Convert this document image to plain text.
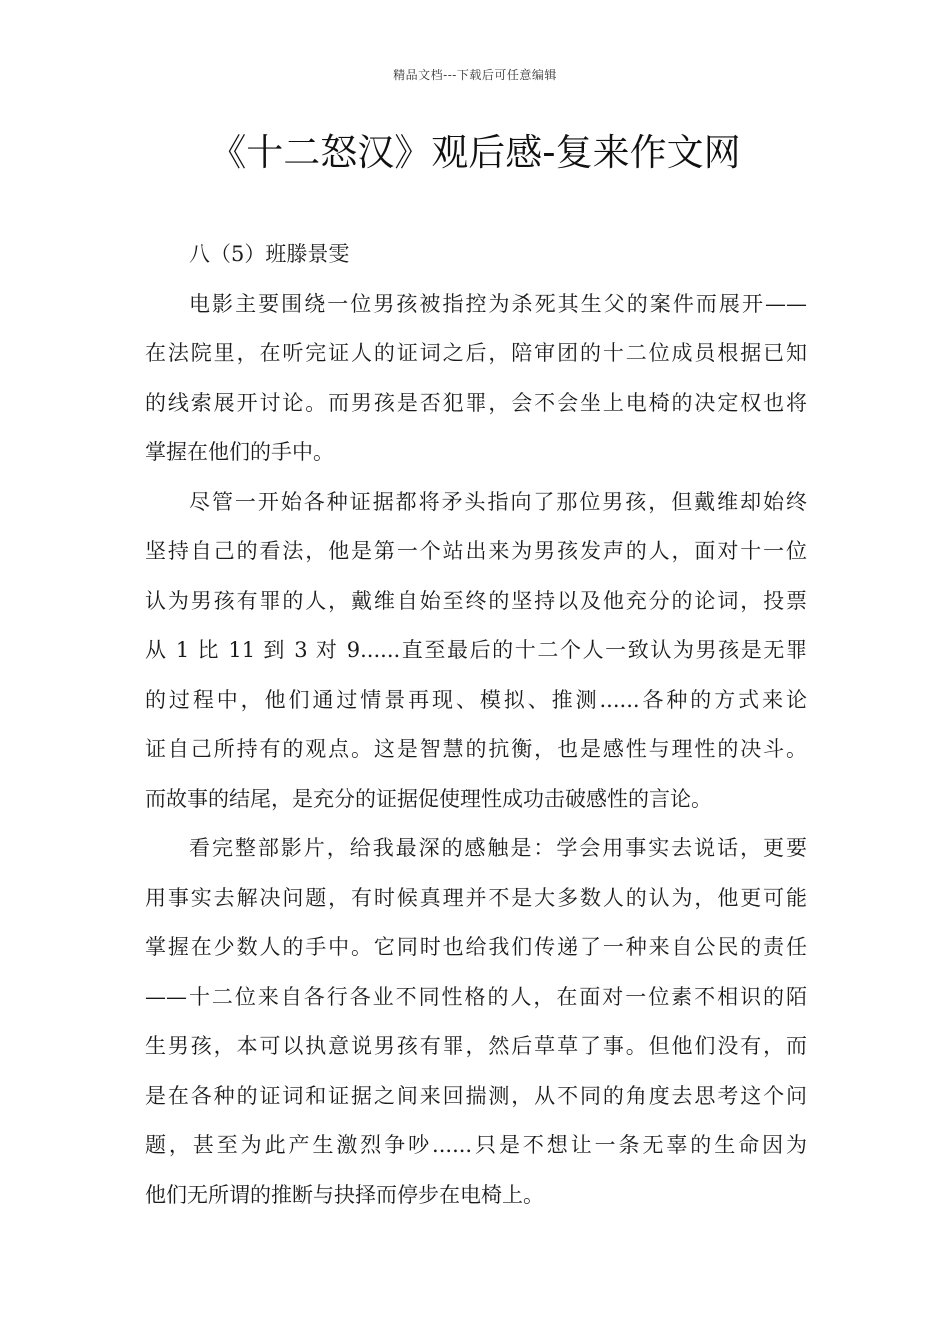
精品文档---下载后可任意编辑
《十二怒汉》观后感-复来作文网

八（5）班滕景雯

电影主要围绕一位男孩被指控为杀死其生父的案件而展开——
在法院里，在听完证人的证词之后，陪审团的十二位成员根据已知
的线索展开讨论。而男孩是否犯罪，会不会坐上电椅的决定权也将
掌握在他们的手中。

尽管一开始各种证据都将矛头指向了那位男孩，但戴维却始终
坚持自己的看法，他是第一个站出来为男孩发声的人，面对十一位
认为男孩有罪的人，戴维自始至终的坚持以及他充分的论词，投票
从 1 比 11 到 3 对 9......直至最后的十二个人一致认为男孩是无罪
的过程中，他们通过情景再现、模拟、推测......各种的方式来论
证自己所持有的观点。这是智慧的抗衡，也是感性与理性的决斗。
而故事的结尾，是充分的证据促使理性成功击破感性的言论。

看完整部影片，给我最深的感触是：学会用事实去说话，更要
用事实去解决问题，有时候真理并不是大多数人的认为，他更可能
掌握在少数人的手中。它同时也给我们传递了一种来自公民的责任
——十二位来自各行各业不同性格的人，在面对一位素不相识的陌
生男孩，本可以执意说男孩有罪，然后草草了事。但他们没有，而
是在各种的证词和证据之间来回揣测，从不同的角度去思考这个问
题，甚至为此产生激烈争吵......只是不想让一条无辜的生命因为
他们无所谓的推断与抉择而停步在电椅上。
